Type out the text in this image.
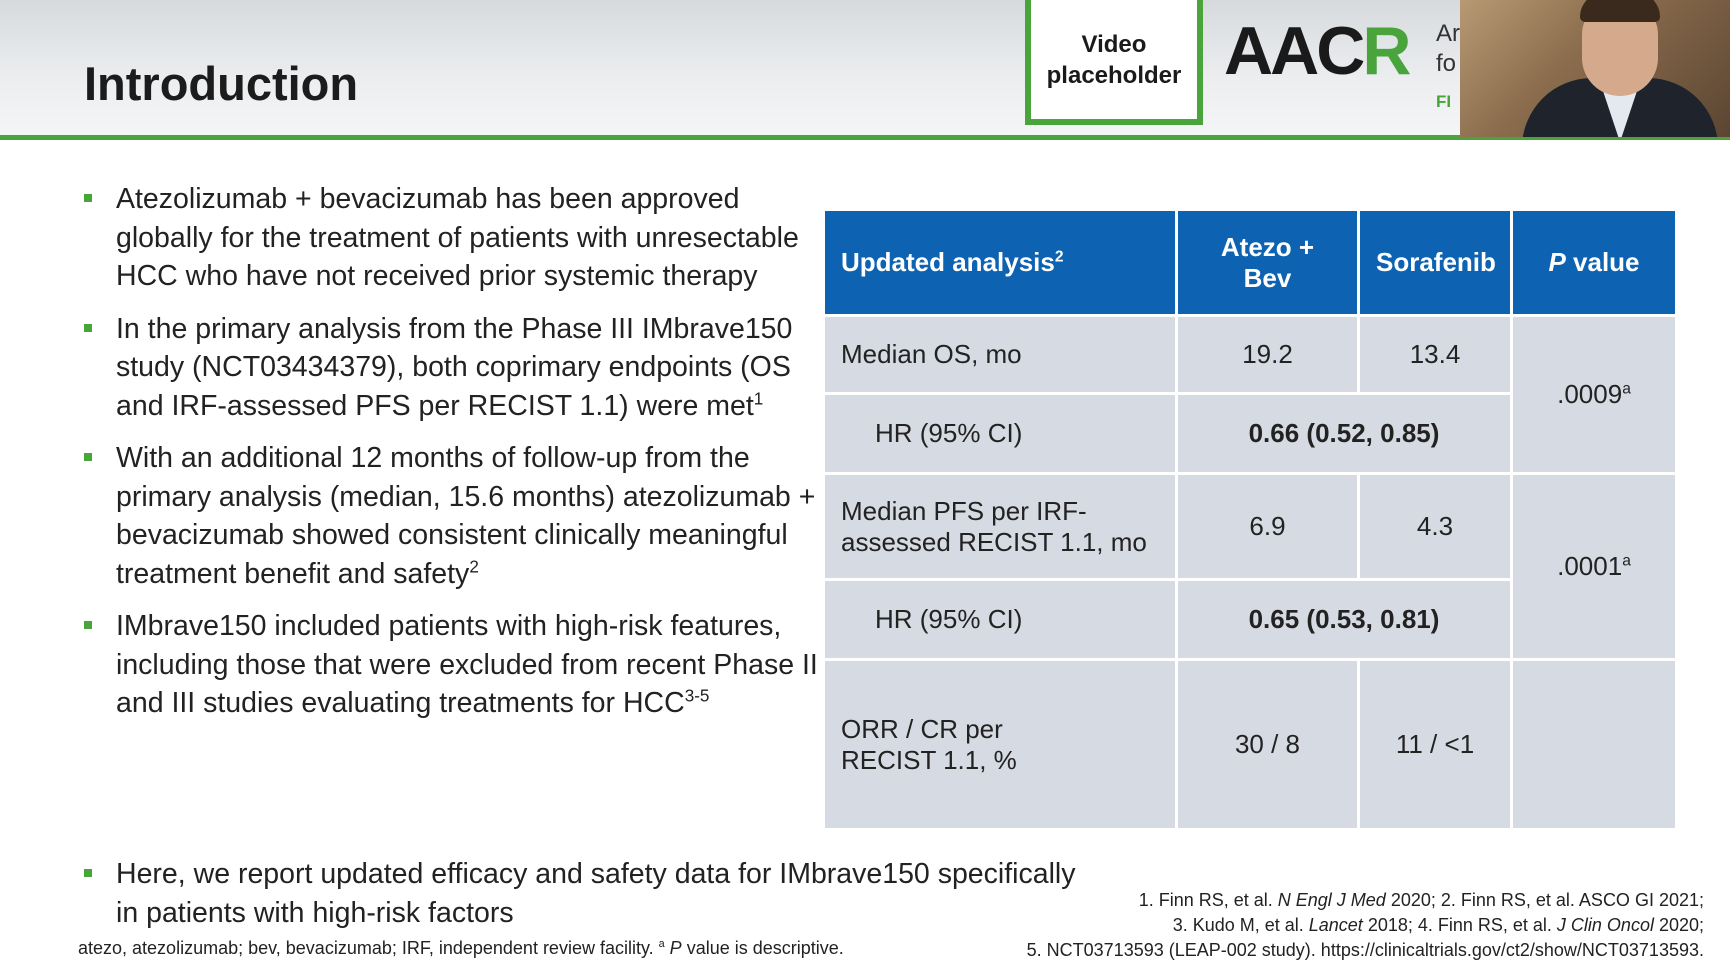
Introduction
Video
placeholder AACR Ar
fo
FI
Atezolizumab + bevacizumab has been approved globally for the treatment of patients with unresectable HCC who have not received prior systemic therapy
In the primary analysis from the Phase III IMbrave150 study (NCT03434379), both coprimary endpoints (OS and IRF-assessed PFS per RECIST 1.1) were met$^1$
With an additional 12 months of follow-up from the primary analysis (median, 15.6 months) atezolizumab + bevacizumab showed consistent clinically meaningful treatment benefit and safety$^2$
IMbrave150 included patients with high-risk features, including those that were excluded from recent Phase II and III studies evaluating treatments for HCC$^{3-5}$
Here, we report updated efficacy and safety data for IMbrave150 specifically in patients with high-risk factors
Updated analysis$^2$	Atezo +
Bev	Sorafenib	P value
Median OS, mo	19.2	13.4	.0009$^a$
HR (95% CI)	0.66 (0.52, 0.85)		
Median PFS per IRF-
assessed RECIST 1.1, mo	6.9	4.3	.0001$^a$
HR (95% CI)	0.65 (0.53, 0.81)		
ORR / CR per
RECIST 1.1, %	30 / 8	11 / <1	
atezo, atezolizumab; bev, bevacizumab; IRF, independent review facility. $^a$ P value is descriptive.
1. Finn RS, et al. N Engl J Med 2020; 2. Finn RS, et al. ASCO GI 2021;
3. Kudo M, et al. Lancet 2018; 4. Finn RS, et al. J Clin Oncol 2020;
5. NCT03713593 (LEAP-002 study). https://clinicaltrials.gov/ct2/show/NCT03713593.
